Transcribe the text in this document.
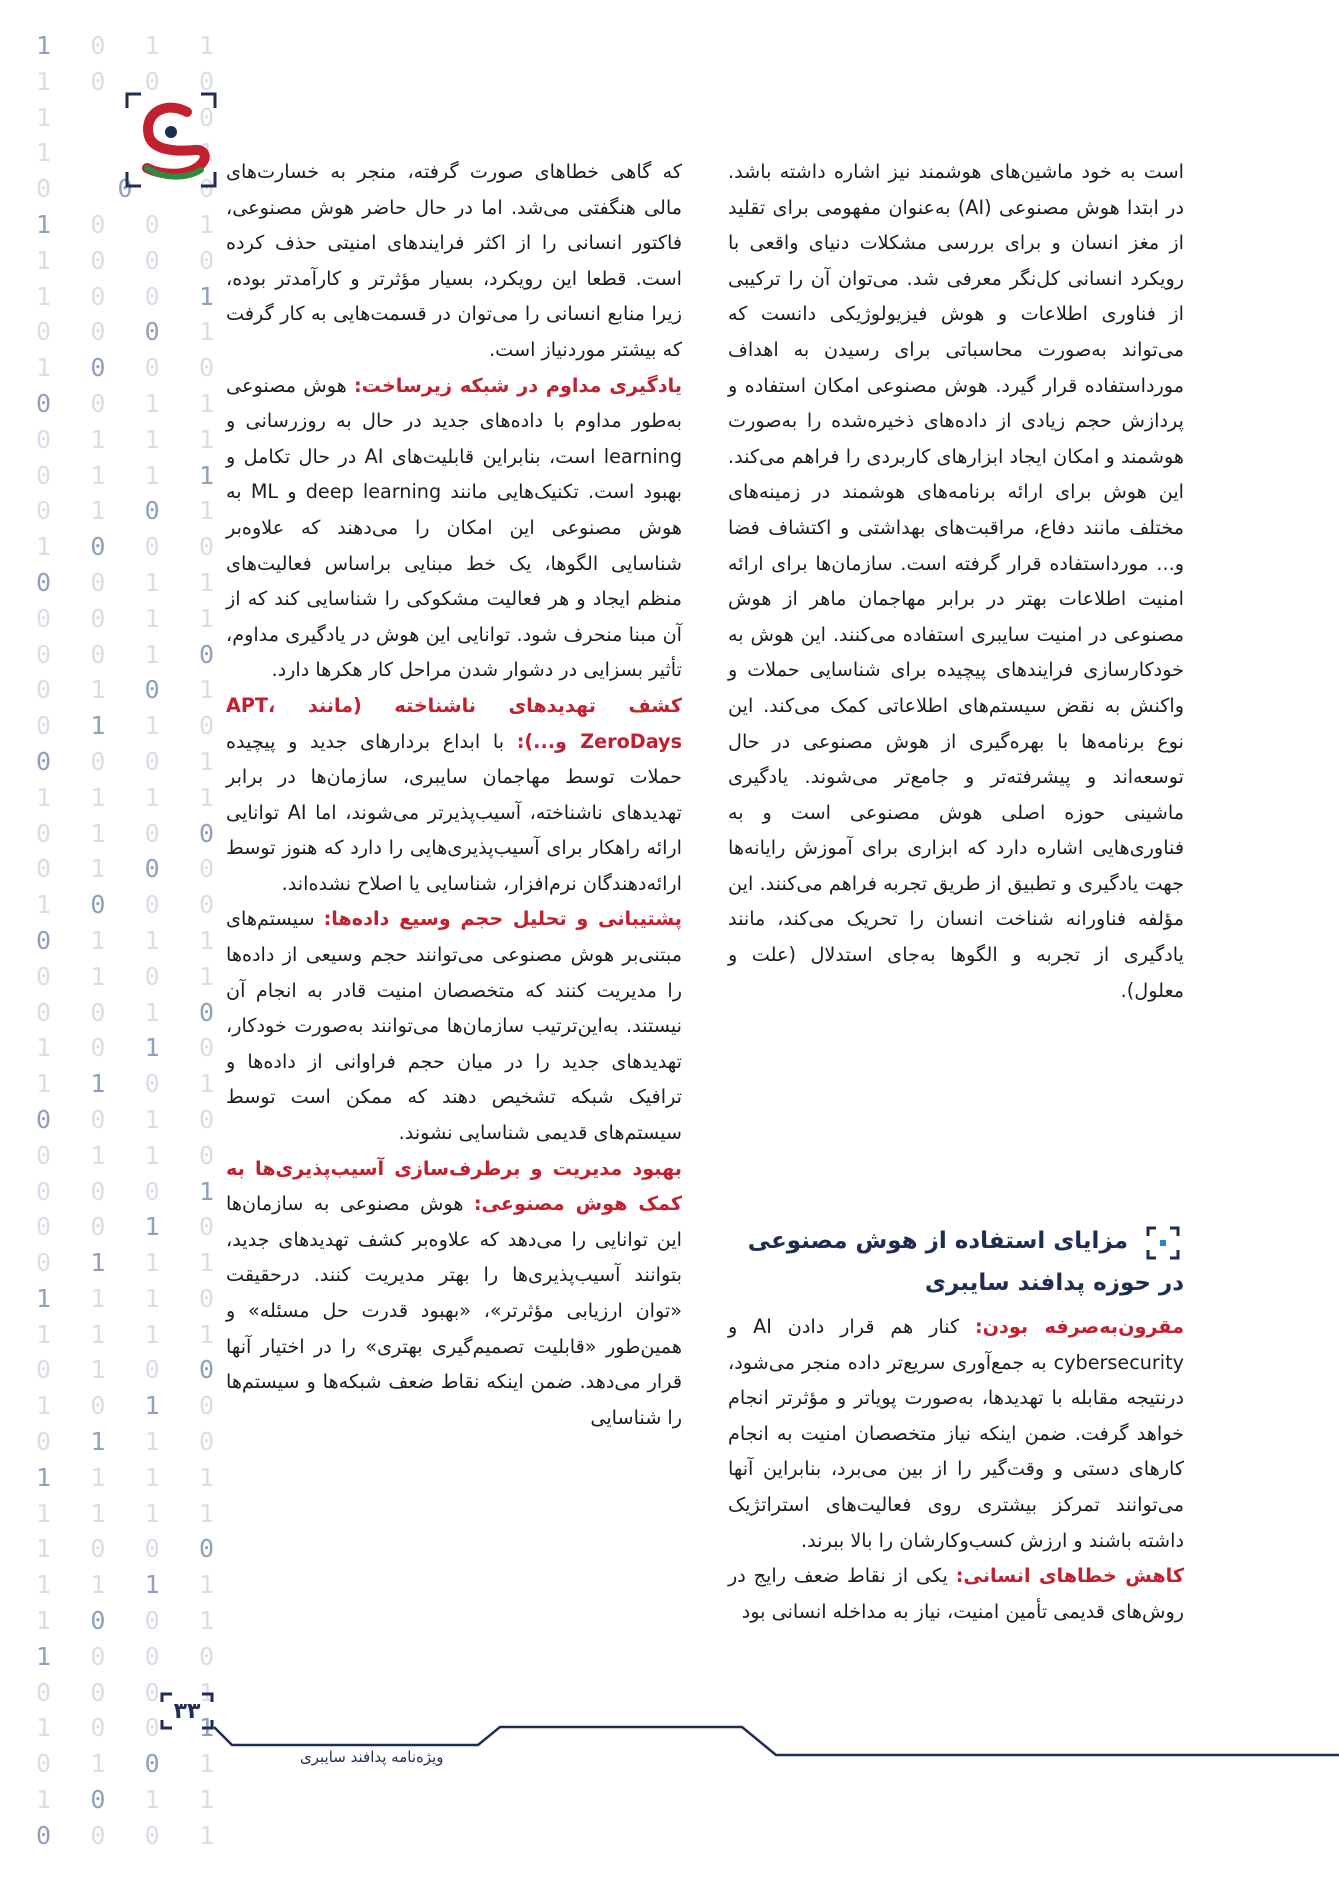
1 0 1 1
1 0 0 0
1	0
1	1
0	0	0
1 0 0 1
1 0 0 0
1 0 0 1
0 0 0 1
1 0 0 0
0 0 1 1
0 1 1 1
0 1 1 1
0 1 0 1
1 0 0 0
0 0 1 1
0 0 1 1
0 0 1 0
0 1 0 1
0 1 1 0
0 0 0 1
1 1 1 1
0 1 0 0
0 1 0 0
1 0 0 0
0 1 1 1
0 1 0 1
0 0 1 0
1 0 1 0
1 1 0 1
0 0 1 0
0 1 1 0
0 0 0 1
0 0 1 0
0 1 1 1
1 1 1 0
1 1 1 1
0 1 0 0
1 0 1 0
0 1 1 0
1 1 1 1
1 1 1 1
1 0 0 0
1 1 1 1
1 0 0 1
1 0 0 0
0 0 0 1
1 0 0 1
0 1 0 1
1 0 1 1
0 0 0 1

است به خود ماشین‌های هوشمند نیز اشاره داشته باشد. در ابتدا هوش مصنوعی (AI) به‌عنوان مفهومی برای تقلید از مغز انسان و برای بررسی مشکلات دنیای واقعی با رویکرد انسانی کل‌نگر معرفی شد. می‌توان آن را ترکیبی از فناوری اطلاعات و هوش فیزیولوژیکی دانست که می‌تواند به‌صورت محاسباتی برای رسیدن به اهداف مورداستفاده قرار گیرد. هوش مصنوعی امکان استفاده و پردازش حجم زیادی از داده‌های ذخیره‌شده را به‌صورت هوشمند و امکان ایجاد ابزارهای کاربردی را فراهم می‌کند. این هوش برای ارائه برنامه‌های هوشمند در زمینه‌های مختلف مانند دفاع، مراقبت‌های بهداشتی و اکتشاف فضا و... مورداستفاده قرار گرفته است. سازمان‌ها برای ارائه امنیت اطلاعات بهتر در برابر مهاجمان ماهر از هوش مصنوعی در امنیت سایبری استفاده می‌کنند. این هوش به خودکارسازی فرایندهای پیچیده برای شناسایی حملات و واکنش به نقض سیستم‌های اطلاعاتی کمک می‌کند. این نوع برنامه‌ها با بهره‌گیری از هوش مصنوعی در حال توسعه‌اند و پیشرفته‌تر و جامع‌تر می‌شوند. یادگیری ماشینی حوزه اصلی هوش مصنوعی است و به فناوری‌هایی اشاره دارد که ابزاری برای آموزش رایانه‌ها جهت یادگیری و تطبیق از طریق تجربه فراهم می‌کنند. این مؤلفه فناورانه شناخت انسان را تحریک می‌کند، مانند یادگیری از تجربه و الگوها به‌جای استدلال (علت و معلول).

مزایای استفاده از هوش مصنوعی

در حوزه پدافند سایبری

مقرون‌به‌صرفه بودن: کنار هم قرار دادن AI و cybersecurity به جمع‌آوری سریع‌تر داده منجر می‌شود، درنتیجه مقابله با تهدیدها، به‌صورت پویاتر و مؤثرتر انجام خواهد گرفت. ضمن اینکه نیاز متخصصان امنیت به انجام کارهای دستی و وقت‌گیر را از بین می‌برد، بنابراین آنها می‌توانند تمرکز بیشتری روی فعالیت‌های استراتژیک داشته باشند و ارزش کسب‌وکارشان را بالا ببرند.

کاهش خطاهای انسانی: یکی از نقاط ضعف رایج در روش‌های قدیمی تأمین امنیت، نیاز به مداخله انسانی بود

که گاهی خطاهای صورت گرفته، منجر به خسارت‌های مالی هنگفتی می‌شد. اما در حال حاضر هوش مصنوعی، فاکتور انسانی را از اکثر فرایندهای امنیتی حذف کرده است. قطعا این رویکرد، بسیار مؤثرتر و کارآمدتر بوده، زیرا منابع انسانی را می‌توان در قسمت‌هایی به کار گرفت که بیشتر موردنیاز است.

یادگیری مداوم در شبکه زیرساخت: هوش مصنوعی به‌طور مداوم با داده‌های جدید در حال به روزرسانی و learning است، بنابراین قابلیت‌های AI در حال تکامل و بهبود است. تکنیک‌هایی مانند deep learning و ML به هوش مصنوعی این امکان را می‌دهند که علاوه‌بر شناسایی الگوها، یک خط مبنایی براساس فعالیت‌های منظم ایجاد و هر فعالیت مشکوکی را شناسایی کند که از آن مبنا منحرف شود. توانایی این هوش در یادگیری مداوم، تأثیر بسزایی در دشوار شدن مراحل کار هکرها دارد.

کشف تهدیدهای ناشناخته (مانند APT، ZeroDays و...): با ابداع بردارهای جدید و پیچیده حملات توسط مهاجمان سایبری، سازمان‌ها در برابر تهدیدهای ناشناخته، آسیب‌پذیرتر می‌شوند، اما AI توانایی ارائه راهکار برای آسیب‌پذیری‌هایی را دارد که هنوز توسط ارائه‌دهندگان نرم‌افزار، شناسایی یا اصلاح نشده‌اند.

پشتیبانی و تحلیل حجم وسیع داده‌ها: سیستم‌های مبتنی‌بر هوش مصنوعی می‌توانند حجم وسیعی از داده‌ها را مدیریت کنند که متخصصان امنیت قادر به انجام آن نیستند. به‌این‌ترتیب سازمان‌ها می‌توانند به‌صورت خودکار، تهدیدهای جدید را در میان حجم فراوانی از داده‌ها و ترافیک شبکه تشخیص دهند که ممکن است توسط سیستم‌های قدیمی شناسایی نشوند.

بهبود مدیریت و برطرف‌سازی آسیب‌پذیری‌ها به کمک هوش مصنوعی: هوش مصنوعی به سازمان‌ها این توانایی را می‌دهد که علاوه‌بر کشف تهدیدهای جدید، بتوانند آسیب‌پذیری‌ها را بهتر مدیریت کنند. درحقیقت «توان ارزیابی مؤثرتر»، «بهبود قدرت حل مسئله» و همین‌طور «قابلیت تصمیم‌گیری بهتری» را در اختیار آنها قرار می‌دهد. ضمن اینکه نقاط ضعف شبکه‌ها و سیستم‌ها را شناسایی

۳۳
ویژه‌نامه پدافند سایبری
